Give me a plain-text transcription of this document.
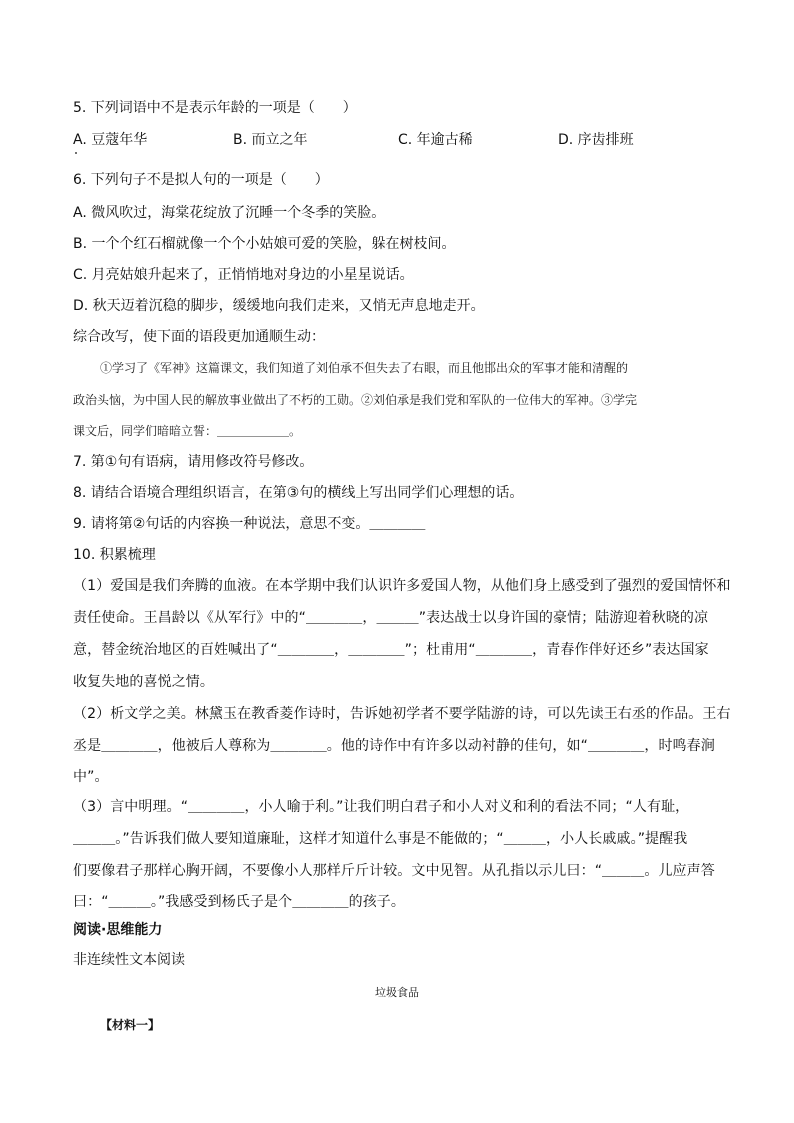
5. 下列词语中不是表示年龄的一项是（　　）
A. 豆蔻年华	B. 而立之年	C. 年逾古稀	D. 序齿排班
6. 下列句子不是拟人句的一项是（　　）
A. 微风吹过，海棠花绽放了沉睡一个冬季的笑脸。
B. 一个个红石榴就像一个个小姑娘可爱的笑脸，躲在树枝间。
C. 月亮姑娘升起来了，正悄悄地对身边的小星星说话。
D. 秋天迈着沉稳的脚步，缓缓地向我们走来，又悄无声息地走开。
综合改写，使下面的语段更加通顺生动：
①学习了《军神》这篇课文，我们知道了刘伯承不但失去了右眼，而且他邯出众的军事才能和清醒的
政治头恼，为中国人民的解放事业做出了不朽的工勋。②刘伯承是我们党和军队的一位伟大的军神。③学完
课文后，同学们暗暗立誓：＿＿＿＿＿＿。
7. 第①句有语病，请用修改符号修改。
8. 请结合语境合理组织语言，在第③句的横线上写出同学们心理想的话。
9. 请将第②句话的内容换一种说法，意思不变。＿＿＿＿
10. 积累梳理
（1）爱国是我们奔腾的血液。在本学期中我们认识许多爱国人物，从他们身上感受到了强烈的爱国情怀和
责任使命。王昌龄以《从军行》中的“＿＿＿＿，＿＿＿”表达战士以身许国的豪情；陆游迎着秋晓的凉
意，替金统治地区的百姓喊出了“＿＿＿＿，＿＿＿＿”；杜甫用“＿＿＿＿，青春作伴好还乡”表达国家
收复失地的喜悦之情。
（2）析文学之美。林黛玉在教香菱作诗时，告诉她初学者不要学陆游的诗，可以先读王右丞的作品。王右
丞是＿＿＿＿，他被后人尊称为＿＿＿＿。他的诗作中有许多以动衬静的佳句，如“＿＿＿＿，时鸣春涧
中”。
（3）言中明理。“＿＿＿＿，小人喻于利。”让我们明白君子和小人对义和利的看法不同；“人有耻，
＿＿＿。”告诉我们做人要知道廉耻，这样才知道什么事是不能做的；“＿＿＿，小人长戚戚。”提醒我
们要像君子那样心胸开阔，不要像小人那样斤斤计较。文中见智。从孔指以示儿曰：“＿＿＿。儿应声答
曰：“＿＿＿。”我感受到杨氏子是个＿＿＿＿的孩子。
阅读·思维能力
非连续性文本阅读
垃圾食品
【材料一】
